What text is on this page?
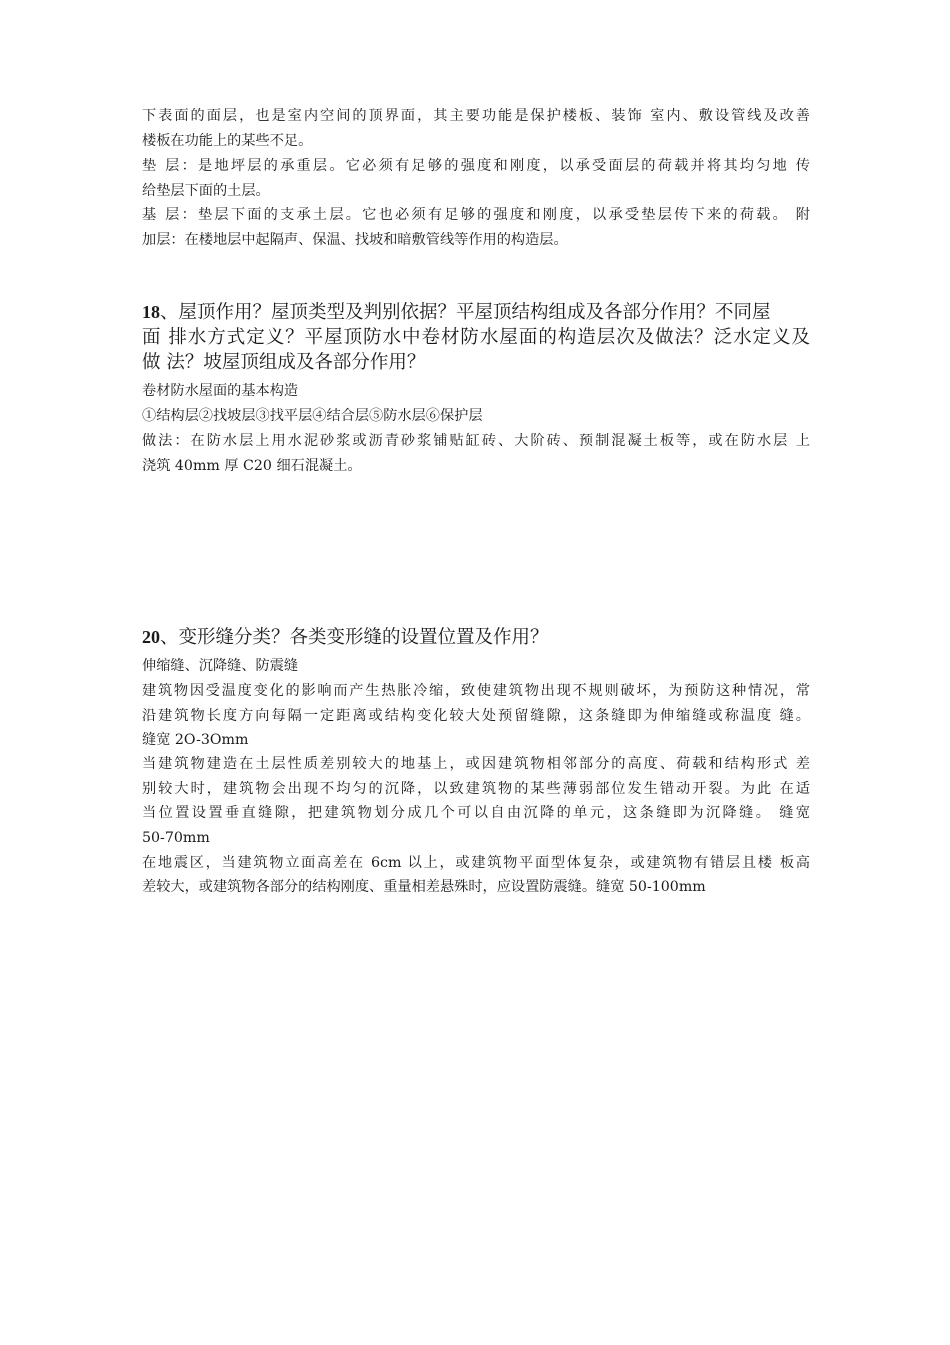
下表面的面层，也是室内空间的顶界面，其主要功能是保护楼板、装饰 室内、敷设管线及改善
楼板在功能上的某些不足。
垫 层：是地坪层的承重层。它必须有足够的强度和刚度，以承受面层的荷载并将其均匀地 传
给垫层下面的土层。
基 层：垫层下面的支承土层。它也必须有足够的强度和刚度，以承受垫层传下来的荷载。 附
加层：在楼地层中起隔声、保温、找坡和暗敷管线等作用的构造层。
18、屋顶作用？屋顶类型及判别依据？平屋顶结构组成及各部分作用？不同屋
面 排水方式定义？平屋顶防水中卷材防水屋面的构造层次及做法？泛水定义及
做 法？坡屋顶组成及各部分作用？
卷材防水屋面的基本构造
①结构层②找坡层③找平层④结合层⑤防水层⑥保护层
做法：在防水层上用水泥砂浆或沥青砂浆铺贴缸砖、大阶砖、预制混凝土板等，或在防水层 上
浇筑 40mm 厚 C20 细石混凝土。
20、变形缝分类？各类变形缝的设置位置及作用？
伸缩缝、沉降缝、防震缝
建筑物因受温度变化的影响而产生热胀冷缩，致使建筑物出现不规则破坏，为预防这种情况，常
沿建筑物长度方向每隔一定距离或结构变化较大处预留缝隙，这条缝即为伸缩缝或称温度 缝。
缝宽 2O-3Omm
当建筑物建造在土层性质差别较大的地基上，或因建筑物相邻部分的高度、荷载和结构形式 差
别较大时，建筑物会出现不均匀的沉降，以致建筑物的某些薄弱部位发生错动开裂。为此 在适
当位置设置垂直缝隙，把建筑物划分成几个可以自由沉降的单元，这条缝即为沉降缝。 缝宽
50-70mm
在地震区，当建筑物立面高差在 6cm 以上，或建筑物平面型体复杂，或建筑物有错层且楼 板高
差较大，或建筑物各部分的结构刚度、重量相差悬殊时，应设置防震缝。缝宽 50-100mm
